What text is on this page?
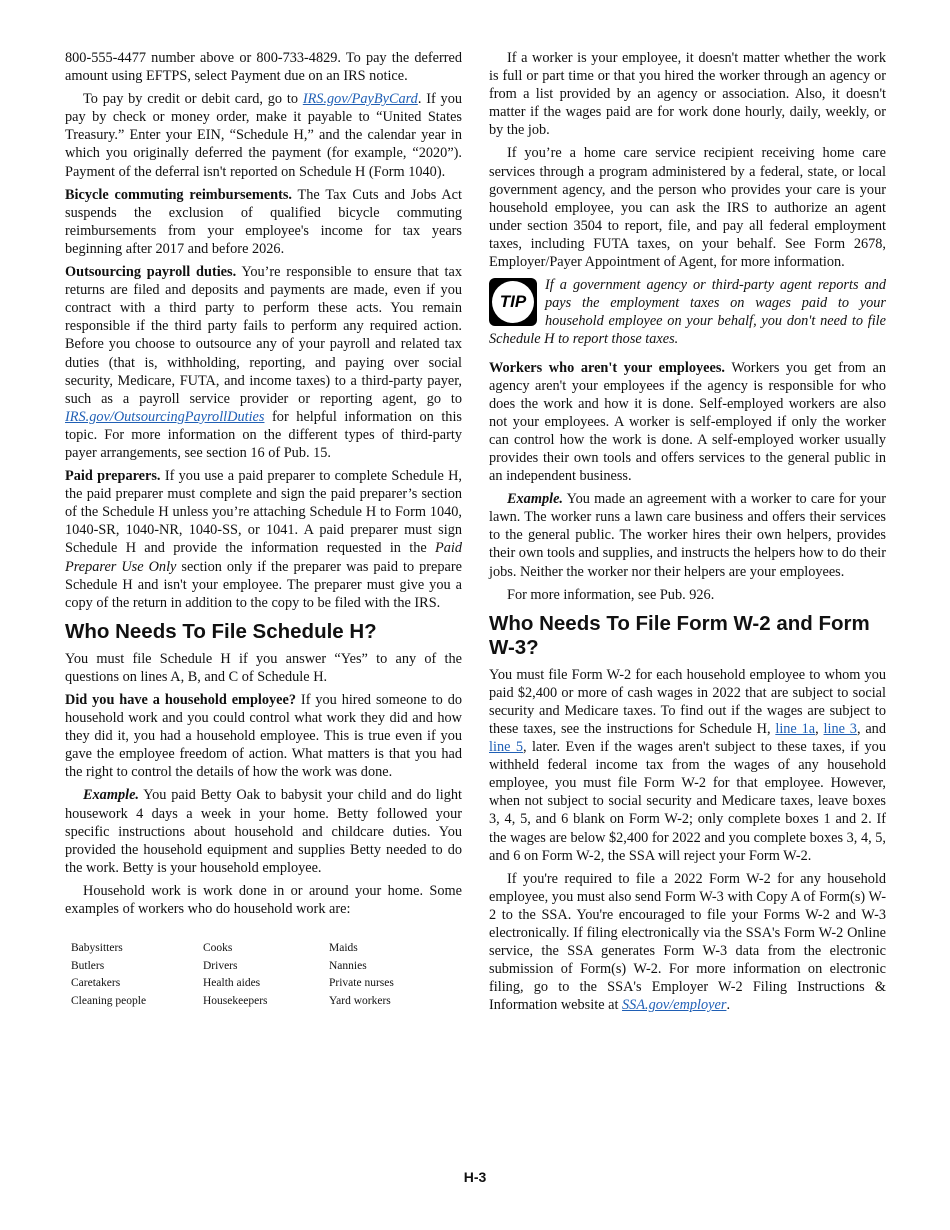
800-555-4477 number above or 800-733-4829. To pay the deferred amount using EFTPS, select Payment due on an IRS notice.

To pay by credit or debit card, go to IRS.gov/PayByCard. If you pay by check or money order, make it payable to “United States Treasury.” Enter your EIN, “Schedule H,” and the calendar year in which you originally deferred the payment (for example, “2020”). Payment of the deferral isn't reported on Schedule H (Form 1040).

Bicycle commuting reimbursements. The Tax Cuts and Jobs Act suspends the exclusion of qualified bicycle commuting reimbursements from your employee's income for tax years beginning after 2017 and before 2026.

Outsourcing payroll duties. You’re responsible to ensure that tax returns are filed and deposits and payments are made, even if you contract with a third party to perform these acts. You remain responsible if the third party fails to perform any required action. Before you choose to outsource any of your payroll and related tax duties (that is, withholding, reporting, and paying over social security, Medicare, FUTA, and income taxes) to a third-party payer, such as a payroll service provider or reporting agent, go to IRS.gov/OutsourcingPayrollDuties for helpful information on this topic. For more information on the different types of third-party payer arrangements, see section 16 of Pub. 15.

Paid preparers. If you use a paid preparer to complete Schedule H, the paid preparer must complete and sign the paid preparer’s section of the Schedule H unless you’re attaching Schedule H to Form 1040, 1040-SR, 1040-NR, 1040-SS, or 1041. A paid preparer must sign Schedule H and provide the information requested in the Paid Preparer Use Only section only if the preparer was paid to prepare Schedule H and isn't your employee. The preparer must give you a copy of the return in addition to the copy to be filed with the IRS.

Who Needs To File Schedule H?

You must file Schedule H if you answer “Yes” to any of the questions on lines A, B, and C of Schedule H.

Did you have a household employee? If you hired someone to do household work and you could control what work they did and how they did it, you had a household employee. This is true even if you gave the employee freedom of action. What matters is that you had the right to control the details of how the work was done.

Example. You paid Betty Oak to babysit your child and do light housework 4 days a week in your home. Betty followed your specific instructions about household and childcare duties. You provided the household equipment and supplies Betty needed to do the work. Betty is your household employee.

Household work is work done in or around your home. Some examples of workers who do household work are:

Babysitters	Cooks	Maids
Butlers	Drivers	Nannies
Caretakers	Health aides	Private nurses
Cleaning people	Housekeepers	Yard workers

If a worker is your employee, it doesn't matter whether the work is full or part time or that you hired the worker through an agency or from a list provided by an agency or association. Also, it doesn't matter if the wages paid are for work done hourly, daily, weekly, or by the job.

If you’re a home care service recipient receiving home care services through a program administered by a federal, state, or local government agency, and the person who provides your care is your household employee, you can ask the IRS to authorize an agent under section 3504 to report, file, and pay all federal employment taxes, including FUTA taxes, on your behalf. See Form 2678, Employer/Payer Appointment of Agent, for more information.

TIP
If a government agency or third-party agent reports and pays the employment taxes on wages paid to your household employee on your behalf, you don't need to file Schedule H to report those taxes.

Workers who aren't your employees. Workers you get from an agency aren't your employees if the agency is responsible for who does the work and how it is done. Self-employed workers are also not your employees. A worker is self-employed if only the worker can control how the work is done. A self-employed worker usually provides their own tools and offers services to the general public in an independent business.

Example. You made an agreement with a worker to care for your lawn. The worker runs a lawn care business and offers their services to the general public. The worker hires their own helpers, provides their own tools and supplies, and instructs the helpers how to do their jobs. Neither the worker nor their helpers are your employees.

For more information, see Pub. 926.

Who Needs To File Form W-2 and Form W-3?

You must file Form W-2 for each household employee to whom you paid $2,400 or more of cash wages in 2022 that are subject to social security and Medicare taxes. To find out if the wages are subject to these taxes, see the instructions for Schedule H, line 1a, line 3, and line 5, later. Even if the wages aren't subject to these taxes, if you withheld federal income tax from the wages of any household employee, you must file Form W-2 for that employee. However, when not subject to social security and Medicare taxes, leave boxes 3, 4, 5, and 6 blank on Form W-2; only complete boxes 1 and 2. If the wages are below $2,400 for 2022 and you complete boxes 3, 4, 5, and 6 on Form W-2, the SSA will reject your Form W-2.

If you're required to file a 2022 Form W-2 for any household employee, you must also send Form W-3 with Copy A of Form(s) W-2 to the SSA. You're encouraged to file your Forms W-2 and W-3 electronically. If filing electronically via the SSA's Form W-2 Online service, the SSA generates Form W-3 data from the electronic submission of Form(s) W-2. For more information on electronic filing, go to the SSA's Employer W-2 Filing Instructions & Information website at SSA.gov/employer.

H-3
